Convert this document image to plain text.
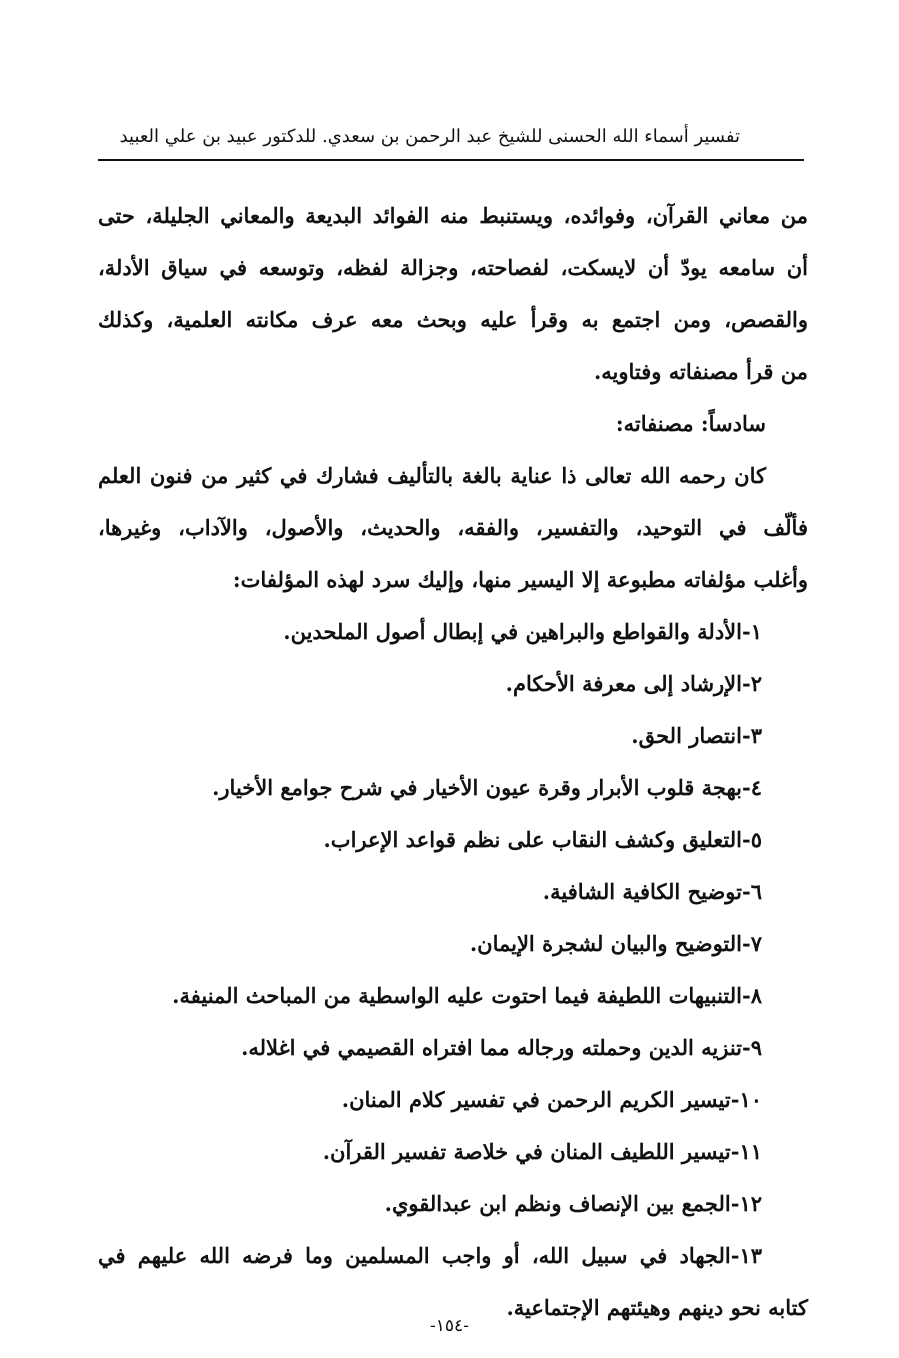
تفسير أسماء الله الحسنى للشيخ عبد الرحمن بن سعدي. للدكتور عبيد بن علي العبيد
من معاني القرآن، وفوائده، ويستنبط منه الفوائد البديعة والمعاني الجليلة، حتى
أن سامعه يودّ أن لايسكت، لفصاحته، وجزالة لفظه، وتوسعه في سياق الأدلة،
والقصص، ومن اجتمع به وقرأ عليه وبحث معه عرف مكانته العلمية، وكذلك
من قرأ مصنفاته وفتاويه.
سادساً: مصنفاته:
كان رحمه الله تعالى ذا عناية بالغة بالتأليف فشارك في كثير من فنون العلم
فألّف في التوحيد، والتفسير، والفقه، والحديث، والأصول، والآداب، وغيرها،
وأغلب مؤلفاته مطبوعة إلا اليسير منها، وإليك سرد لهذه المؤلفات:
١-الأدلة والقواطع والبراهين في إبطال أصول الملحدين.
٢-الإرشاد إلى معرفة الأحكام.
٣-انتصار الحق.
٤-بهجة قلوب الأبرار وقرة عيون الأخيار في شرح جوامع الأخيار.
٥-التعليق وكشف النقاب على نظم قواعد الإعراب.
٦-توضيح الكافية الشافية.
٧-التوضيح والبيان لشجرة الإيمان.
٨-التنبيهات اللطيفة فيما احتوت عليه الواسطية من المباحث المنيفة.
٩-تنزيه الدين وحملته ورجاله مما افتراه القصيمي في اغلاله.
١٠-تيسير الكريم الرحمن في تفسير كلام المنان.
١١-تيسير اللطيف المنان في خلاصة تفسير القرآن.
١٢-الجمع بين الإنصاف ونظم ابن عبدالقوي.
١٣-الجهاد في سبيل الله، أو واجب المسلمين وما فرضه الله عليهم في
كتابه نحو دينهم وهيئتهم الإجتماعية.
-١٥٤-
